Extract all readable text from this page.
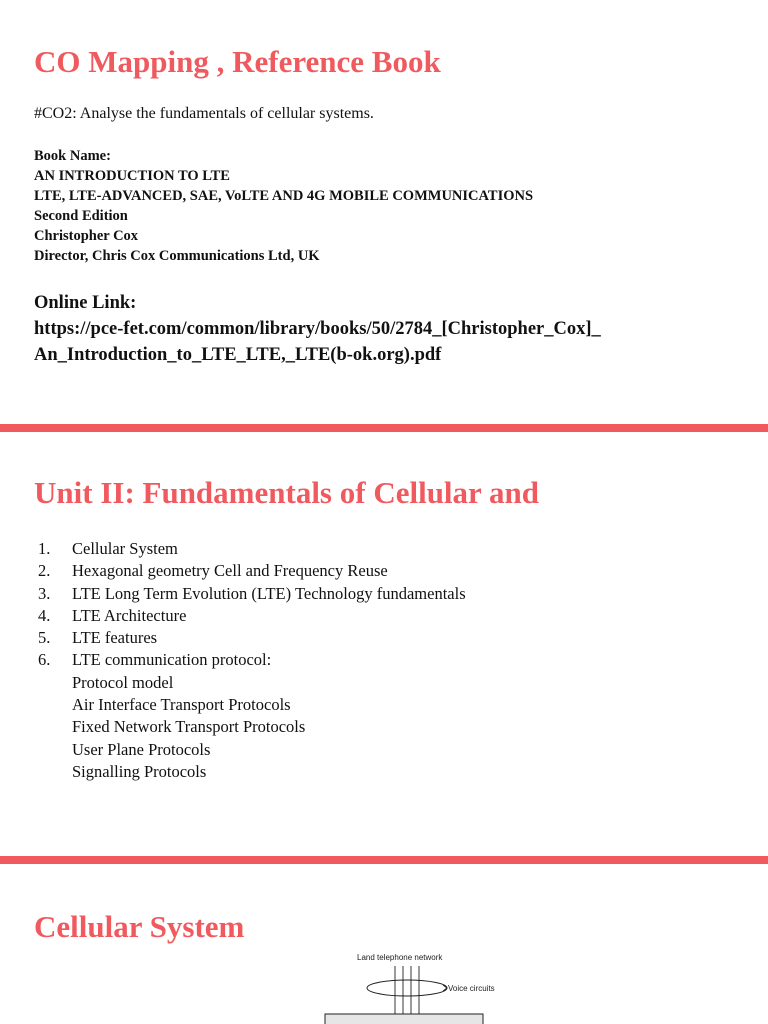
CO Mapping , Reference Book
#CO2: Analyse the fundamentals of cellular systems.
Book Name:
AN INTRODUCTION TO LTE
LTE, LTE-ADVANCED, SAE, VoLTE AND 4G MOBILE COMMUNICATIONS
Second Edition
Christopher Cox
Director, Chris Cox Communications Ltd, UK
Online Link:
https://pce-fet.com/common/library/books/50/2784_[Christopher_Cox]_
An_Introduction_to_LTE_LTE,_LTE(b-ok.org).pdf
Unit II: Fundamentals of Cellular and
1. Cellular System
2. Hexagonal geometry Cell and Frequency Reuse
3. LTE Long Term Evolution (LTE) Technology fundamentals
4. LTE Architecture
5. LTE features
6. LTE communication protocol:
Protocol model
Air Interface Transport Protocols
Fixed Network Transport Protocols
User Plane Protocols
Signalling Protocols
Cellular System
Land telephone network
Voice circuits
